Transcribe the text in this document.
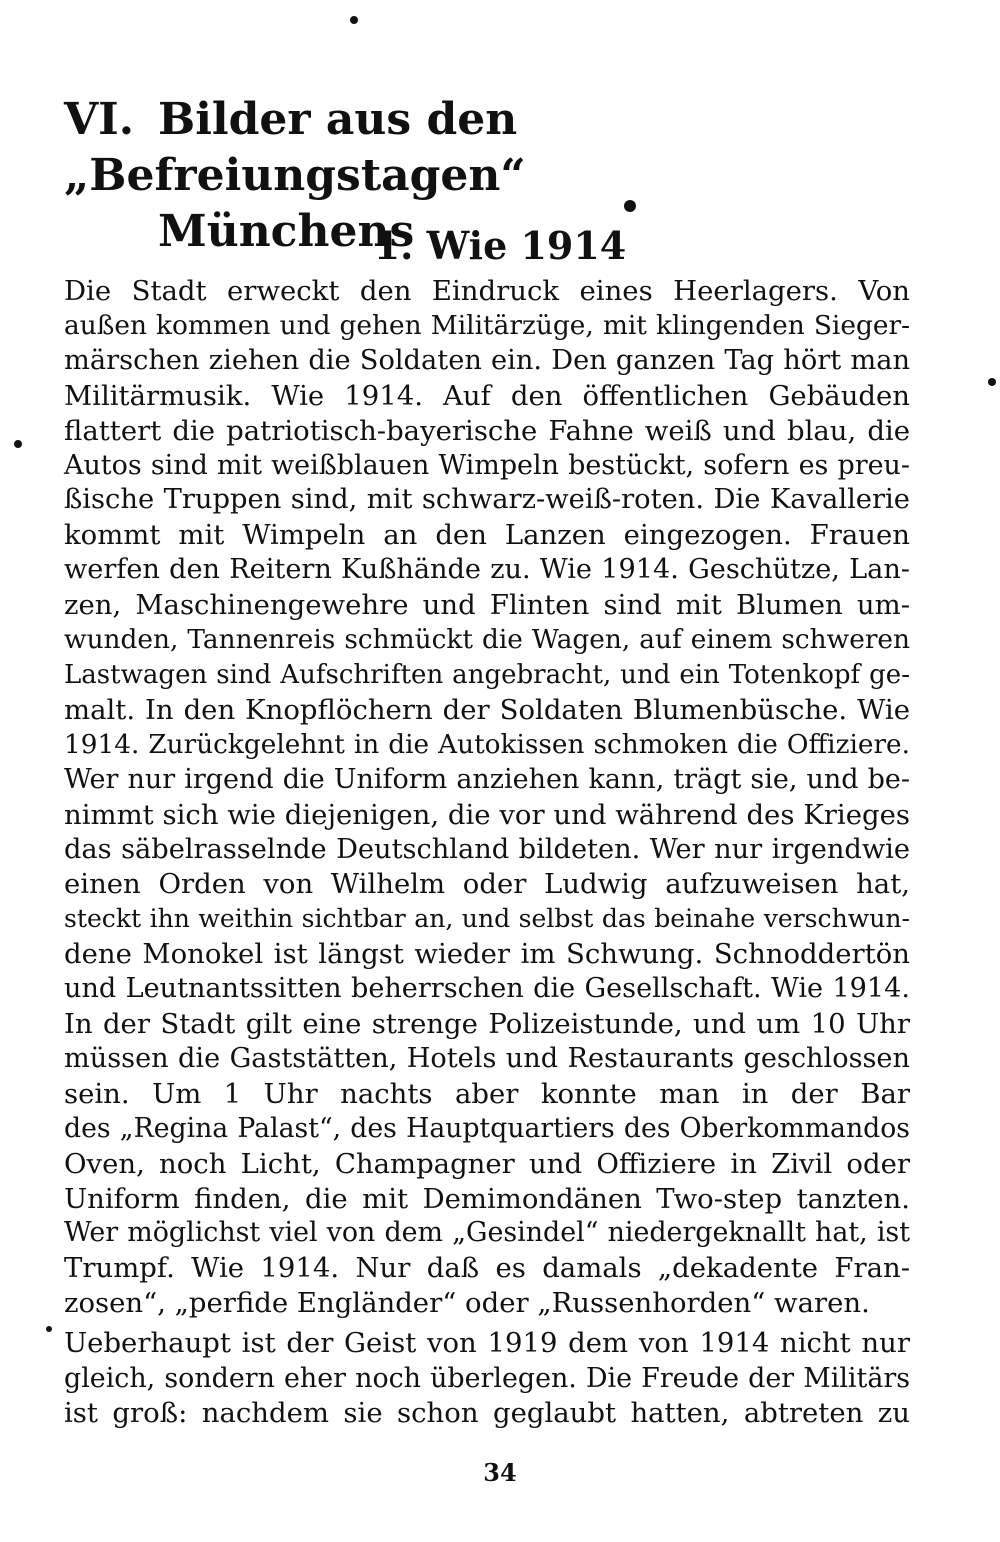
VI. Bilder aus den „Befreiungstagen“
Münchens
1. Wie 1914
Die Stadt erweckt den Eindruck eines Heerlagers. Von
außen kommen und gehen Militärzüge, mit klingenden Sieger-
märschen ziehen die Soldaten ein. Den ganzen Tag hört man
Militärmusik. Wie 1914. Auf den öffentlichen Gebäuden
flattert die patriotisch-bayerische Fahne weiß und blau, die
Autos sind mit weißblauen Wimpeln bestückt, sofern es preu-
ßische Truppen sind, mit schwarz-weiß-roten. Die Kavallerie
kommt mit Wimpeln an den Lanzen eingezogen. Frauen
werfen den Reitern Kußhände zu. Wie 1914. Geschütze, Lan-
zen, Maschinengewehre und Flinten sind mit Blumen um-
wunden, Tannenreis schmückt die Wagen, auf einem schweren
Lastwagen sind Aufschriften angebracht, und ein Totenkopf ge-
malt. In den Knopflöchern der Soldaten Blumenbüsche. Wie
1914. Zurückgelehnt in die Autokissen schmoken die Offiziere.
Wer nur irgend die Uniform anziehen kann, trägt sie, und be-
nimmt sich wie diejenigen, die vor und während des Krieges
das säbelrasselnde Deutschland bildeten. Wer nur irgendwie
einen Orden von Wilhelm oder Ludwig aufzuweisen hat,
steckt ihn weithin sichtbar an, und selbst das beinahe verschwun-
dene Monokel ist längst wieder im Schwung. Schnoddertön
und Leutnantssitten beherrschen die Gesellschaft. Wie 1914.
In der Stadt gilt eine strenge Polizeistunde, und um 10 Uhr
müssen die Gaststätten, Hotels und Restaurants geschlossen
sein. Um 1 Uhr nachts aber konnte man in der Bar
des „Regina Palast“, des Hauptquartiers des Oberkommandos
Oven, noch Licht, Champagner und Offiziere in Zivil oder
Uniform finden, die mit Demimondänen Two-step tanzten.
Wer möglichst viel von dem „Gesindel“ niedergeknallt hat, ist
Trumpf. Wie 1914. Nur daß es damals „dekadente Fran-
zosen“, „perfide Engländer“ oder „Russenhorden“ waren.
Ueberhaupt ist der Geist von 1919 dem von 1914 nicht nur
gleich, sondern eher noch überlegen. Die Freude der Militärs
ist groß: nachdem sie schon geglaubt hatten, abtreten zu
34
